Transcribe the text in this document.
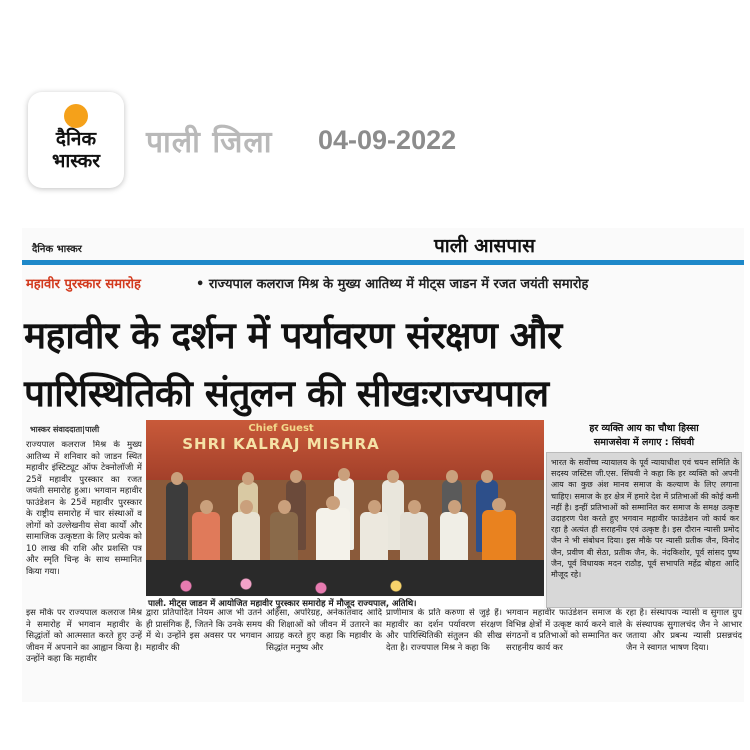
दैनिक
भास्कर
पाली जिला 04-09-2022
दैनिक भास्कर	पाली आसपास
महावीर पुरस्कार समारोह	• राज्यपाल कलराज मिश्र के मुख्य आतिथ्य में मीट्स जाडन में रजत जयंती समारोह
महावीर के दर्शन में पर्यावरण संरक्षण और
पारिस्थितिकी संतुलन की सीखःराज्यपाल
भास्कर संवाददाता|पाली
राज्यपाल कलराज मिश्र के मुख्य आतिथ्य में शनिवार को जाडन स्थित महावीर इंस्टिट्यूट ऑफ टेक्नोलॉजी में 25वें महावीर पुरस्कार का रजत जयंती समारोह हुआ। भगवान महावीर फाउंडेशन के 25वें महावीर पुरस्कार के राष्ट्रीय समारोह में चार संस्थाओं व लोगों को उल्लेखनीय सेवा कार्यों और सामाजिक उत्कृष्टता के लिए प्रत्येक को 10 लाख की राशि और प्रशस्ति पत्र और स्मृति चिन्ह के साथ सम्मानित किया गया।
Chief Guest
SHRI KALRAJ MISHRA
पाली. मीट्स जाडन में आयोजित महावीर पुरस्कार समारोह में मौजूद राज्यपाल, अतिथि।
हर व्यक्ति आय का चौथा हिस्सा
समाजसेवा में लगाए : सिंघवी
भारत के सर्वोच्च न्यायालय के पूर्व न्यायाधीश एवं चयन समिति के सदस्य जस्टिस जी.एस. सिंघवी ने कहा कि हर व्यक्ति को अपनी आय का कुछ अंश मानव समाज के कल्याण के लिए लगाना चाहिए। समाज के हर क्षेत्र में हमारे देश में प्रतिभाओं की कोई कमी नहीं है। इन्हीं प्रतिभाओं को सम्मानित कर समाज के समक्ष उत्कृष्ट उदाहरण पेश करते हुए भगवान महावीर फाउंडेशन जो कार्य कर रहा है अत्यंत ही सराहनीय एवं उत्कृष्ट है। इस दौरान न्यासी प्रमोद जैन ने भी संबोधन दिया। इस मौके पर न्यासी प्रतीक जैन, विनोद जैन, प्रवीण बी सेठा, प्रतीक जैन, के. नंदकिशोर, पूर्व सांसद पुष्प जैन, पूर्व विधायक मदन राठौड़, पूर्व सभापति महेंद्र बोहरा आदि मौजूद रहे।
इस मौके पर राज्यपाल कलराज मिश्र ने समारोह में भगवान महावीर के सिद्धांतों को आत्मसात करते हुए उन्हें जीवन में अपनाने का आह्वान किया है। उन्होंने कहा कि महावीर
द्वारा प्रतिपादित नियम आज भी उतने ही प्रासंगिक हैं, जितने कि उनके समय में थे। उन्होंने इस अवसर पर भगवान महावीर की
अहिंसा, अपरिग्रह, अनेकांतवाद आदि की शिक्षाओं को जीवन में उतारने का आग्रह करते हुए कहा कि महावीर के सिद्धांत मनुष्य और
प्राणीमात्र के प्रति करुणा से जुड़े हैं। महावीर का दर्शन पर्यावरण संरक्षण और पारिस्थितिकी संतुलन की सीख देता है। राज्यपाल मिश्र ने कहा कि
भगवान महावीर फाउंडेशन समाज के विभिन्न क्षेत्रों में उत्कृष्ट कार्य करने वाले संगठनों व प्रतिभाओं को सम्मानित कर सराहनीय कार्य कर
रहा है। संस्थापक न्यासी व सुगाल ग्रुप के संस्थापक सुगालचंद जैन ने आभार जताया और प्रबन्ध न्यासी प्रसन्नचंद जैन ने स्वागत भाषण दिया।
